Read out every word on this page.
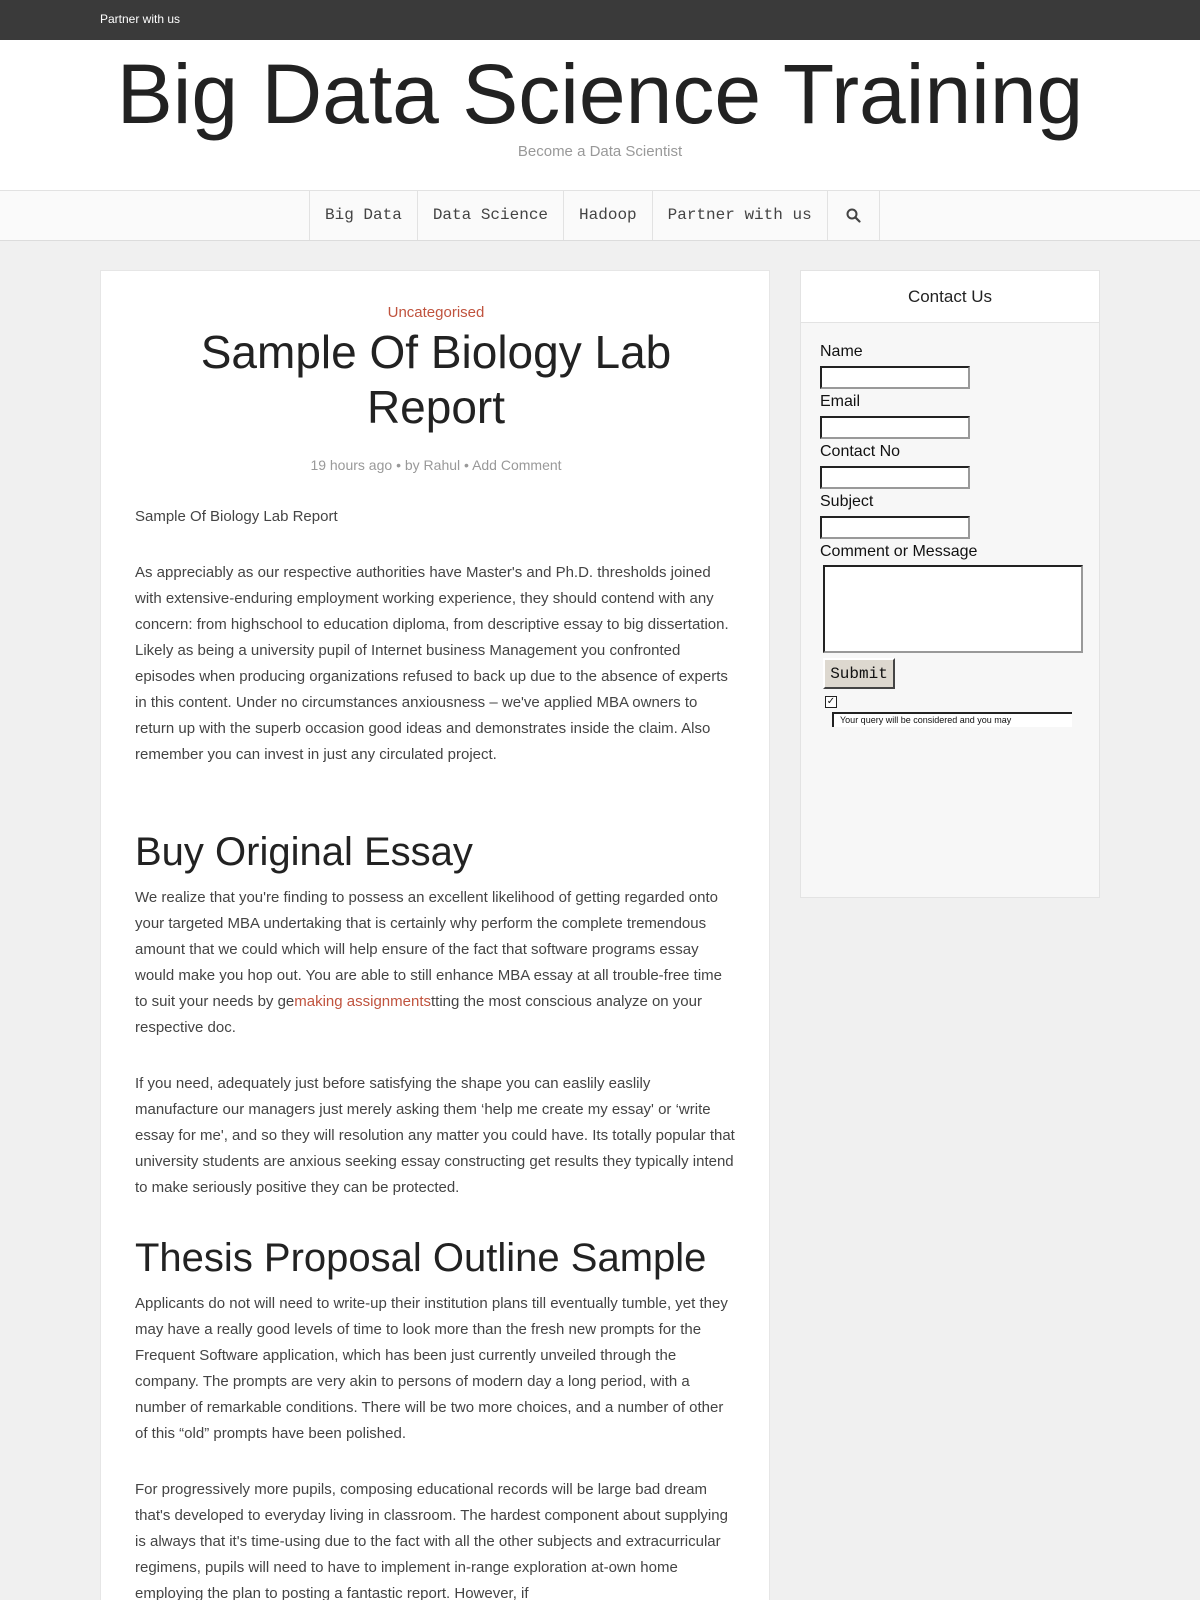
Partner with us
Big Data Science Training
Become a Data Scientist
Big Data	Data Science	Hadoop	Partner with us
Uncategorised
Sample Of Biology Lab Report
19 hours ago • by Rahul • Add Comment

Sample Of Biology Lab Report

As appreciably as our respective authorities have Master's and Ph.D. thresholds joined with extensive-enduring employment working experience, they should contend with any concern: from highschool to education diploma, from descriptive essay to big dissertation. Likely as being a university pupil of Internet business Management you confronted episodes when producing organizations refused to back up due to the absence of experts in this content. Under no circumstances anxiousness – we've applied MBA owners to return up with the superb occasion good ideas and demonstrates inside the claim. Also remember you can invest in just any circulated project.

Buy Original Essay

We realize that you're finding to possess an excellent likelihood of getting regarded onto your targeted MBA undertaking that is certainly why perform the complete tremendous amount that we could which will help ensure of the fact that software programs essay would make you hop out. You are able to still enhance MBA essay at all trouble-free time to suit your needs by gemaking assignmentstting the most conscious analyze on your respective doc.

If you need, adequately just before satisfying the shape you can easlily easlily manufacture our managers just merely asking them ‘help me create my essay' or ‘write essay for me', and so they will resolution any matter you could have. Its totally popular that university students are anxious seeking essay constructing get results they typically intend to make seriously positive they can be protected.

Thesis Proposal Outline Sample

Applicants do not will need to write-up their institution plans till eventually tumble, yet they may have a really good levels of time to look more than the fresh new prompts for the Frequent Software application, which has been just currently unveiled through the company. The prompts are very akin to persons of modern day a long period, with a number of remarkable conditions. There will be two more choices, and a number of other of this “old” prompts have been polished.

For progressively more pupils, composing educational records will be large bad dream that's developed to everyday living in classroom. The hardest component about supplying is always that it's time-using due to the fact with all the other subjects and extracurricular regimens, pupils will need to have to implement in-range exploration at-own home employing the plan to posting a fantastic report. However, if

Contact Us
Name
Email
Contact No
Subject
Comment or Message
Submit
✓
Your query will be considered and you may
